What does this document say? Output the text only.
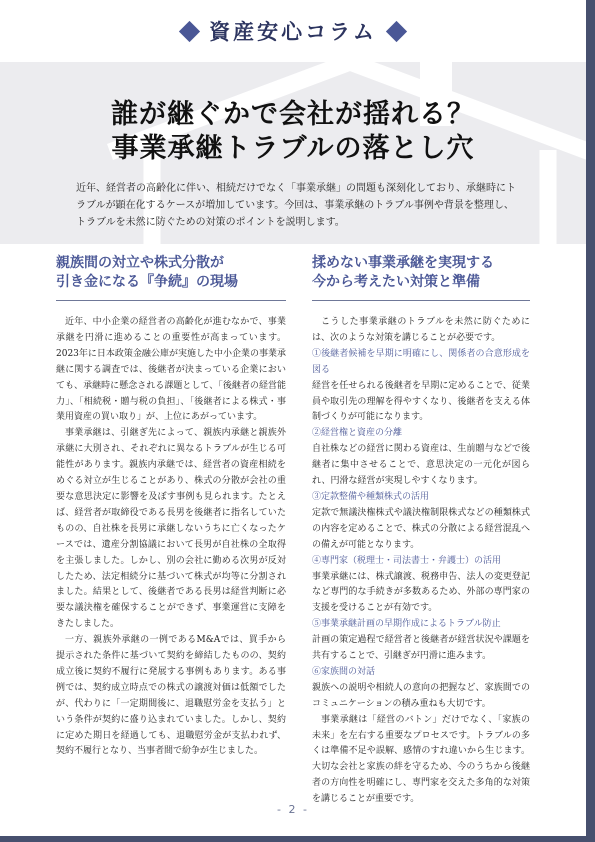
資産安心コラム
誰が継ぐかで会社が揺れる？
事業承継トラブルの落とし穴

近年、経営者の高齢化に伴い、相続だけでなく「事業承継」の問題も深刻化しており、承継時にトラブルが顕在化するケースが増加しています。今回は、事業承継のトラブル事例や背景を整理し、トラブルを未然に防ぐための対策のポイントを説明します。

親族間の対立や株式分散が
引き金になる『争続』の現場

近年、中小企業の経営者の高齢化が進むなかで、事業承継を円滑に進めることの重要性が高まっています。2023年に日本政策金融公庫が実施した中小企業の事業承継に関する調査では、後継者が決まっている企業においても、承継時に懸念される課題として、「後継者の経営能力」、「相続税・贈与税の負担」、「後継者による株式・事業用資産の買い取り」が、上位にあがっています。

事業承継は、引継ぎ先によって、親族内承継と親族外承継に大別され、それぞれに異なるトラブルが生じる可能性があります。親族内承継では、経営者の資産相続をめぐる対立が生じることがあり、株式の分散が会社の重要な意思決定に影響を及ぼす事例も見られます。たとえば、経営者が取締役である長男を後継者に指名していたものの、自社株を長男に承継しないうちに亡くなったケースでは、遺産分割協議において長男が自社株の全取得を主張しました。しかし、別の会社に勤める次男が反対したため、法定相続分に基づいて株式が均等に分割されました。結果として、後継者である長男は経営判断に必要な議決権を確保することができず、事業運営に支障をきたしました。

一方、親族外承継の一例であるM&Aでは、買手から提示された条件に基づいて契約を締結したものの、契約成立後に契約不履行に発展する事例もあります。ある事例では、契約成立時点での株式の譲渡対価は低額でしたが、代わりに「一定期間後に、退職慰労金を支払う」という条件が契約に盛り込まれていました。しかし、契約に定めた期日を経過しても、退職慰労金が支払われず、契約不履行となり、当事者間で紛争が生じました。

揉めない事業承継を実現する
今から考えたい対策と準備

こうした事業承継のトラブルを未然に防ぐためには、次のような対策を講じることが必要です。

①後継者候補を早期に明確にし、関係者の合意形成を図る

経営を任せられる後継者を早期に定めることで、従業員や取引先の理解を得やすくなり、後継者を支える体制づくりが可能になります。

②経営権と資産の分離

自社株などの経営に関わる資産は、生前贈与などで後継者に集中させることで、意思決定の一元化が図られ、円滑な経営が実現しやすくなります。

③定款整備や種類株式の活用

定款で無議決権株式や議決権制限株式などの種類株式の内容を定めることで、株式の分散による経営混乱への備えが可能となります。

④専門家（税理士・司法書士・弁護士）の活用

事業承継には、株式譲渡、税務申告、法人の変更登記など専門的な手続きが多数あるため、外部の専門家の支援を受けることが有効です。

⑤事業承継計画の早期作成によるトラブル防止

計画の策定過程で経営者と後継者が経営状況や課題を共有することで、引継ぎが円滑に進みます。

⑥家族間の対話

親族への説明や相続人の意向の把握など、家族間でのコミュニケーションの積み重ねも大切です。

事業承継は「経営のバトン」だけでなく、「家族の未来」を左右する重要なプロセスです。トラブルの多くは準備不足や誤解、感情のすれ違いから生じます。大切な会社と家族の絆を守るため、今のうちから後継者の方向性を明確にし、専門家を交えた多角的な対策を講じることが重要です。

- 2 -
